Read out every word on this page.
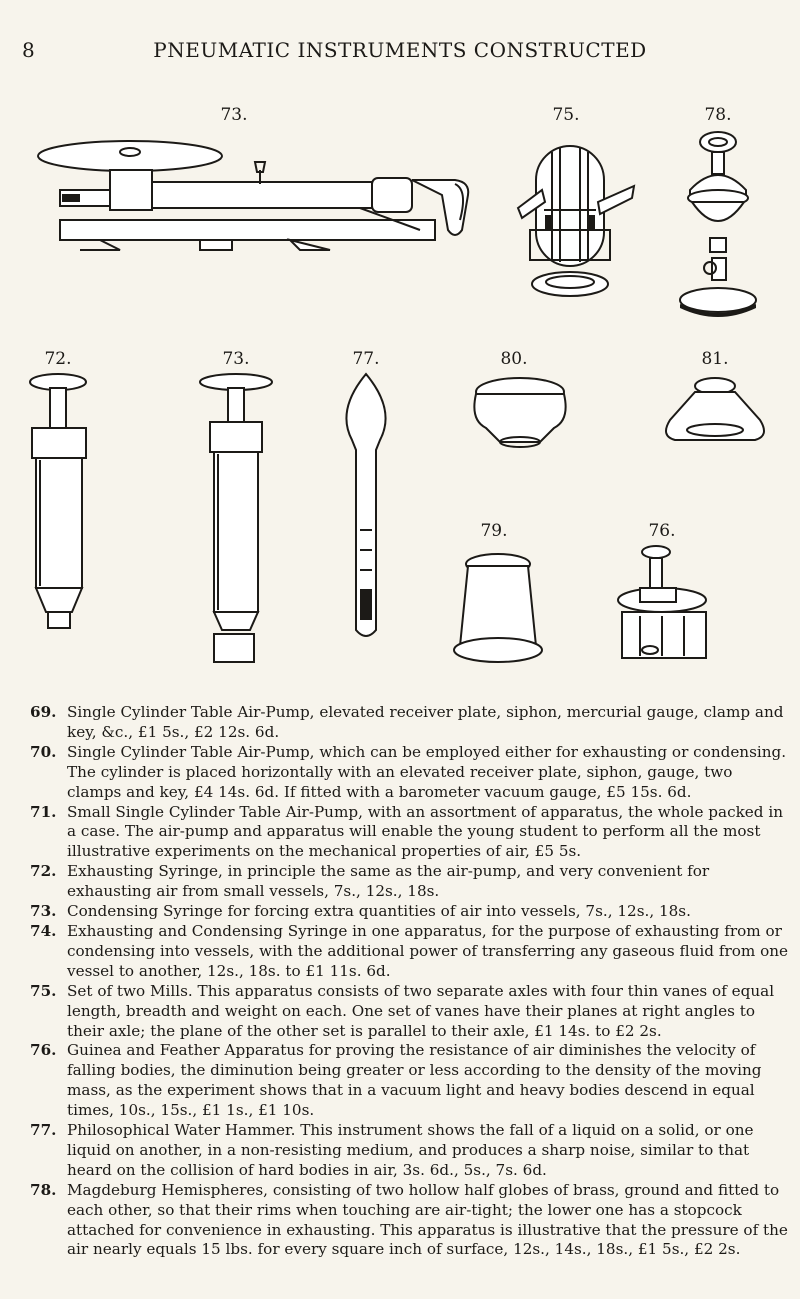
8	PNEUMATIC INSTRUMENTS CONSTRUCTED
73.	75.	78.
72.	73.	77.	80.	81.
79.	76.
69. Single Cylinder Table Air-Pump, elevated receiver plate, siphon, mercurial gauge, clamp and key, &c., £1 5s., £2 12s. 6d.
70. Single Cylinder Table Air-Pump, which can be employed either for exhausting or condensing. The cylinder is placed horizontally with an elevated receiver plate, siphon, gauge, two clamps and key, £4 14s. 6d. If fitted with a barometer vacuum gauge, £5 15s. 6d.
71. Small Single Cylinder Table Air-Pump, with an assortment of apparatus, the whole packed in a case. The air-pump and apparatus will enable the young student to perform all the most illustrative experiments on the mechanical properties of air, £5 5s.
72. Exhausting Syringe, in principle the same as the air-pump, and very convenient for exhausting air from small vessels, 7s., 12s., 18s.
73. Condensing Syringe for forcing extra quantities of air into vessels, 7s., 12s., 18s.
74. Exhausting and Condensing Syringe in one apparatus, for the purpose of exhausting from or condensing into vessels, with the additional power of transferring any gaseous fluid from one vessel to another, 12s., 18s. to £1 11s. 6d.
75. Set of two Mills. This apparatus consists of two separate axles with four thin vanes of equal length, breadth and weight on each. One set of vanes have their planes at right angles to their axle; the plane of the other set is parallel to their axle, £1 14s. to £2 2s.
76. Guinea and Feather Apparatus for proving the resistance of air diminishes the velocity of falling bodies, the diminution being greater or less according to the density of the moving mass, as the experiment shows that in a vacuum light and heavy bodies descend in equal times, 10s., 15s., £1 1s., £1 10s.
77. Philosophical Water Hammer. This instrument shows the fall of a liquid on a solid, or one liquid on another, in a non-resisting medium, and produces a sharp noise, similar to that heard on the collision of hard bodies in air, 3s. 6d., 5s., 7s. 6d.
78. Magdeburg Hemispheres, consisting of two hollow half globes of brass, ground and fitted to each other, so that their rims when touching are air-tight; the lower one has a stopcock attached for convenience in exhausting. This apparatus is illustrative that the pressure of the air nearly equals 15 lbs. for every square inch of surface, 12s., 14s., 18s., £1 5s., £2 2s.
